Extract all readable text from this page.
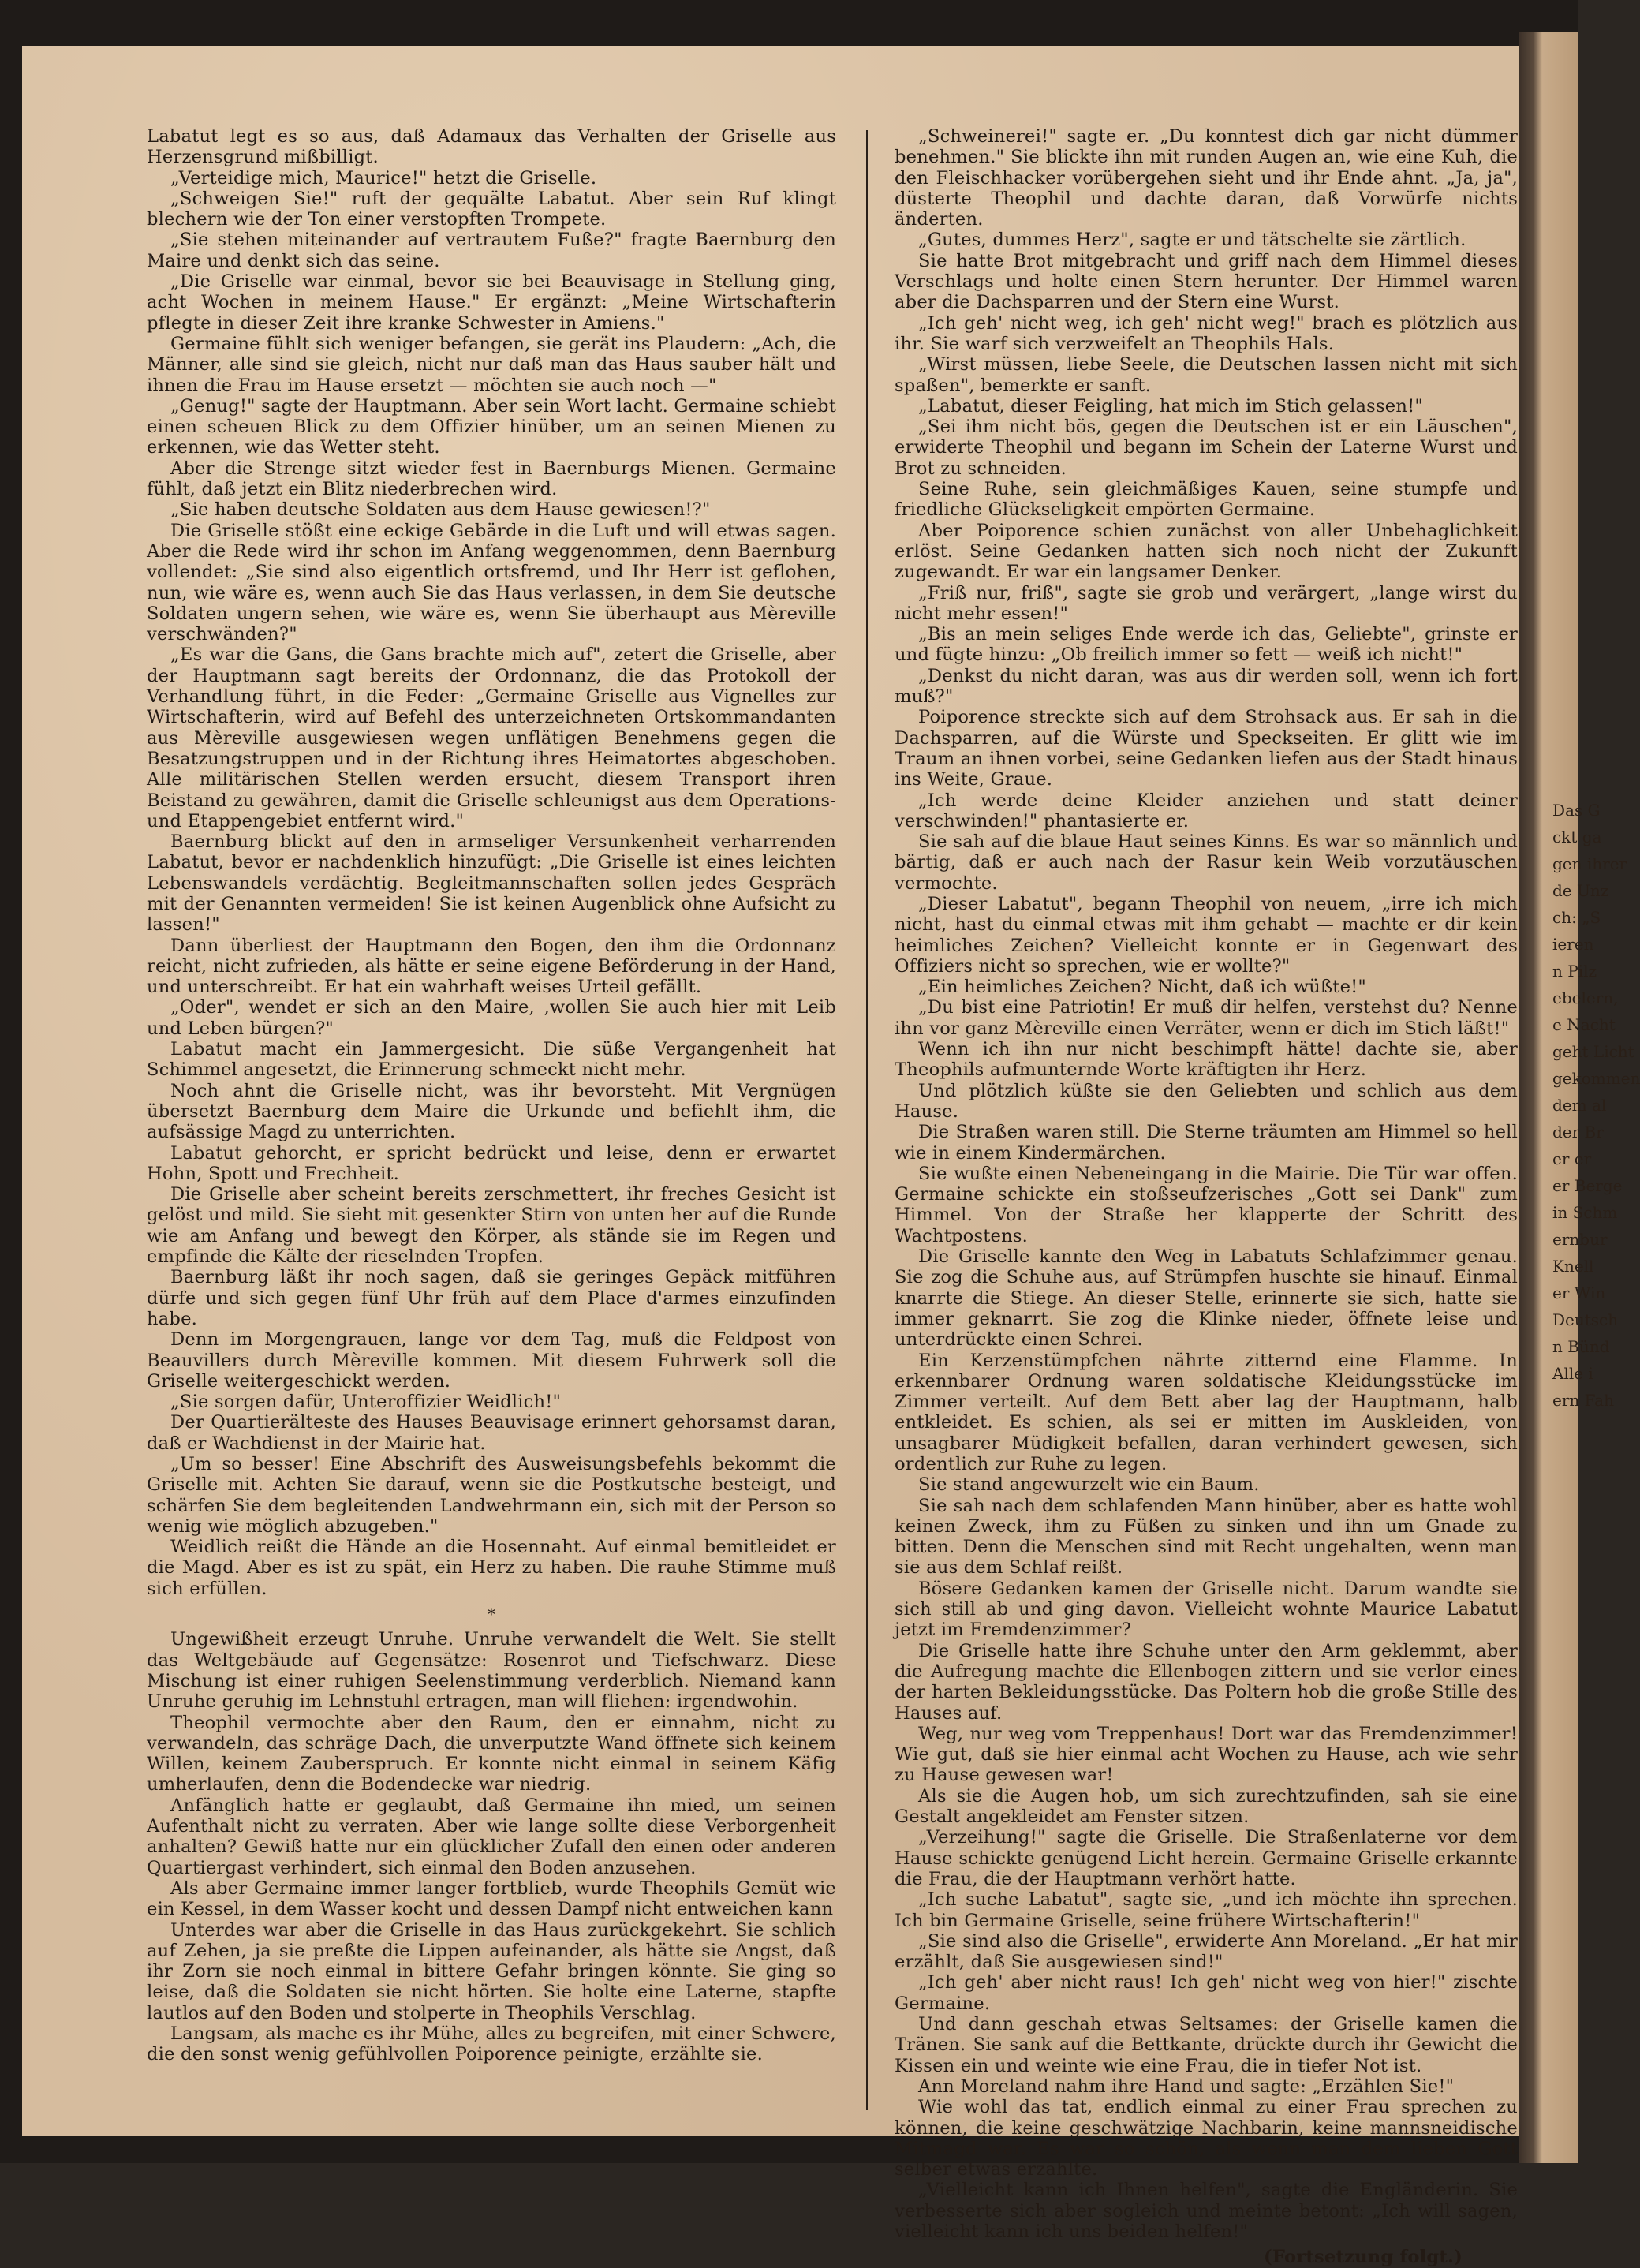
Das G
ckt ga
gen ihrer
de Unz
ch: „S
ieren
n Pilz
ebelern,
e Nacht
geht Licht
gekommen
dem al
der Br
er er
er Berge
in Schm
ernbur
Knell
er Win
Deutsch
n Bünd
Alle i
ern Fah

Labatut legt es so aus, daß Adamaux das Verhalten der Griselle aus Herzensgrund mißbilligt.

„Verteidige mich, Maurice!" hetzt die Griselle.

„Schweigen Sie!" ruft der gequälte Labatut. Aber sein Ruf klingt blechern wie der Ton einer verstopften Trompete.

„Sie stehen miteinander auf vertrautem Fuße?" fragte Baernburg den Maire und denkt sich das seine.

„Die Griselle war einmal, bevor sie bei Beauvisage in Stellung ging, acht Wochen in meinem Hause." Er ergänzt: „Meine Wirtschafterin pflegte in dieser Zeit ihre kranke Schwester in Amiens."

Germaine fühlt sich weniger befangen, sie gerät ins Plaudern: „Ach, die Männer, alle sind sie gleich, nicht nur daß man das Haus sauber hält und ihnen die Frau im Hause ersetzt — möchten sie auch noch —"

„Genug!" sagte der Hauptmann. Aber sein Wort lacht. Germaine schiebt einen scheuen Blick zu dem Offizier hinüber, um an seinen Mienen zu erkennen, wie das Wetter steht.

Aber die Strenge sitzt wieder fest in Baernburgs Mienen. Germaine fühlt, daß jetzt ein Blitz niederbrechen wird.

„Sie haben deutsche Soldaten aus dem Hause gewiesen!?"

Die Griselle stößt eine eckige Gebärde in die Luft und will etwas sagen. Aber die Rede wird ihr schon im Anfang weggenommen, denn Baernburg vollendet: „Sie sind also eigentlich ortsfremd, und Ihr Herr ist geflohen, nun, wie wäre es, wenn auch Sie das Haus verlassen, in dem Sie deutsche Soldaten ungern sehen, wie wäre es, wenn Sie überhaupt aus Mèreville verschwänden?"

„Es war die Gans, die Gans brachte mich auf", zetert die Griselle, aber der Hauptmann sagt bereits der Ordonnanz, die das Protokoll der Verhandlung führt, in die Feder: „Germaine Griselle aus Vignelles zur Wirtschafterin, wird auf Befehl des unterzeichneten Ortskommandanten aus Mèreville ausgewiesen wegen unflätigen Benehmens gegen die Besatzungstruppen und in der Richtung ihres Heimatortes abgeschoben. Alle militärischen Stellen werden ersucht, diesem Transport ihren Beistand zu gewähren, damit die Griselle schleunigst aus dem Operations- und Etappengebiet entfernt wird."

Baernburg blickt auf den in armseliger Versunkenheit verharrenden Labatut, bevor er nachdenklich hinzufügt: „Die Griselle ist eines leichten Lebenswandels verdächtig. Begleitmannschaften sollen jedes Gespräch mit der Genannten vermeiden! Sie ist keinen Augenblick ohne Aufsicht zu lassen!"

Dann überliest der Hauptmann den Bogen, den ihm die Ordonnanz reicht, nicht zufrieden, als hätte er seine eigene Beförderung in der Hand, und unterschreibt. Er hat ein wahrhaft weises Urteil gefällt.

„Oder", wendet er sich an den Maire, ‚wollen Sie auch hier mit Leib und Leben bürgen?"

Labatut macht ein Jammergesicht. Die süße Vergangenheit hat Schimmel angesetzt, die Erinnerung schmeckt nicht mehr.

Noch ahnt die Griselle nicht, was ihr bevorsteht. Mit Vergnügen übersetzt Baernburg dem Maire die Urkunde und befiehlt ihm, die aufsässige Magd zu unterrichten.

Labatut gehorcht, er spricht bedrückt und leise, denn er erwartet Hohn, Spott und Frechheit.

Die Griselle aber scheint bereits zerschmettert, ihr freches Gesicht ist gelöst und mild. Sie sieht mit gesenkter Stirn von unten her auf die Runde wie am Anfang und bewegt den Körper, als stände sie im Regen und empfinde die Kälte der rieselnden Tropfen.

Baernburg läßt ihr noch sagen, daß sie geringes Gepäck mitführen dürfe und sich gegen fünf Uhr früh auf dem Place d'armes einzufinden habe.

Denn im Morgengrauen, lange vor dem Tag, muß die Feldpost von Beauvillers durch Mèreville kommen. Mit diesem Fuhrwerk soll die Griselle weitergeschickt werden.

„Sie sorgen dafür, Unteroffizier Weidlich!"

Der Quartierälteste des Hauses Beauvisage erinnert gehorsamst daran, daß er Wachdienst in der Mairie hat.

„Um so besser! Eine Abschrift des Ausweisungsbefehls bekommt die Griselle mit. Achten Sie darauf, wenn sie die Postkutsche besteigt, und schärfen Sie dem begleitenden Landwehrmann ein, sich mit der Person so wenig wie möglich abzugeben."

Weidlich reißt die Hände an die Hosennaht. Auf einmal bemitleidet er die Magd. Aber es ist zu spät, ein Herz zu haben. Die rauhe Stimme muß sich erfüllen.

*

Ungewißheit erzeugt Unruhe. Unruhe verwandelt die Welt. Sie stellt das Weltgebäude auf Gegensätze: Rosenrot und Tiefschwarz. Diese Mischung ist einer ruhigen Seelenstimmung verderblich. Niemand kann Unruhe geruhig im Lehnstuhl ertragen, man will fliehen: irgendwohin.

Theophil vermochte aber den Raum, den er einnahm, nicht zu verwandeln, das schräge Dach, die unverputzte Wand öffnete sich keinem Willen, keinem Zauberspruch. Er konnte nicht einmal in seinem Käfig umherlaufen, denn die Bodendecke war niedrig.

Anfänglich hatte er geglaubt, daß Germaine ihn mied, um seinen Aufenthalt nicht zu verraten. Aber wie lange sollte diese Verborgenheit anhalten? Gewiß hatte nur ein glücklicher Zufall den einen oder anderen Quartiergast verhindert, sich einmal den Boden anzusehen.

Als aber Germaine immer langer fortblieb, wurde Theophils Gemüt wie ein Kessel, in dem Wasser kocht und dessen Dampf nicht entweichen kann

Unterdes war aber die Griselle in das Haus zurückgekehrt. Sie schlich auf Zehen, ja sie preßte die Lippen aufeinander, als hätte sie Angst, daß ihr Zorn sie noch einmal in bittere Gefahr bringen könnte. Sie ging so leise, daß die Soldaten sie nicht hörten. Sie holte eine Laterne, stapfte lautlos auf den Boden und stolperte in Theophils Verschlag.

Langsam, als mache es ihr Mühe, alles zu begreifen, mit einer Schwere, die den sonst wenig gefühlvollen Poiporence peinigte, erzählte sie.

„Schweinerei!" sagte er. „Du konntest dich gar nicht dümmer benehmen." Sie blickte ihn mit runden Augen an, wie eine Kuh, die den Fleischhacker vorübergehen sieht und ihr Ende ahnt. „Ja, ja", düsterte Theophil und dachte daran, daß Vorwürfe nichts änderten.

„Gutes, dummes Herz", sagte er und tätschelte sie zärtlich.

Sie hatte Brot mitgebracht und griff nach dem Himmel dieses Verschlags und holte einen Stern herunter. Der Himmel waren aber die Dachsparren und der Stern eine Wurst.

„Ich geh' nicht weg, ich geh' nicht weg!" brach es plötzlich aus ihr. Sie warf sich verzweifelt an Theophils Hals.

„Wirst müssen, liebe Seele, die Deutschen lassen nicht mit sich spaßen", bemerkte er sanft.

„Labatut, dieser Feigling, hat mich im Stich gelassen!"

„Sei ihm nicht bös, gegen die Deutschen ist er ein Läuschen", erwiderte Theophil und begann im Schein der Laterne Wurst und Brot zu schneiden.

Seine Ruhe, sein gleichmäßiges Kauen, seine stumpfe und friedliche Glückseligkeit empörten Germaine.

Aber Poiporence schien zunächst von aller Unbehaglichkeit erlöst. Seine Gedanken hatten sich noch nicht der Zukunft zugewandt. Er war ein langsamer Denker.

„Friß nur, friß", sagte sie grob und verärgert, „lange wirst du nicht mehr essen!"

„Bis an mein seliges Ende werde ich das, Geliebte", grinste er und fügte hinzu: „Ob freilich immer so fett — weiß ich nicht!"

„Denkst du nicht daran, was aus dir werden soll, wenn ich fort muß?"

Poiporence streckte sich auf dem Strohsack aus. Er sah in die Dachsparren, auf die Würste und Speckseiten. Er glitt wie im Traum an ihnen vorbei, seine Gedanken liefen aus der Stadt hinaus ins Weite, Graue.

„Ich werde deine Kleider anziehen und statt deiner verschwinden!" phantasierte er.

Sie sah auf die blaue Haut seines Kinns. Es war so männlich und bärtig, daß er auch nach der Rasur kein Weib vorzutäuschen vermochte.

„Dieser Labatut", begann Theophil von neuem, „irre ich mich nicht, hast du einmal etwas mit ihm gehabt — machte er dir kein heimliches Zeichen? Vielleicht konnte er in Gegenwart des Offiziers nicht so sprechen, wie er wollte?"

„Ein heimliches Zeichen? Nicht, daß ich wüßte!"

„Du bist eine Patriotin! Er muß dir helfen, verstehst du? Nenne ihn vor ganz Mèreville einen Verräter, wenn er dich im Stich läßt!"

Wenn ich ihn nur nicht beschimpft hätte! dachte sie, aber Theophils aufmunternde Worte kräftigten ihr Herz.

Und plötzlich küßte sie den Geliebten und schlich aus dem Hause.

Die Straßen waren still. Die Sterne träumten am Himmel so hell wie in einem Kindermärchen.

Sie wußte einen Nebeneingang in die Mairie. Die Tür war offen. Germaine schickte ein stoßseufzerisches „Gott sei Dank" zum Himmel. Von der Straße her klapperte der Schritt des Wachtpostens.

Die Griselle kannte den Weg in Labatuts Schlafzimmer genau. Sie zog die Schuhe aus, auf Strümpfen huschte sie hinauf. Einmal knarrte die Stiege. An dieser Stelle, erinnerte sie sich, hatte sie immer geknarrt. Sie zog die Klinke nieder, öffnete leise und unterdrückte einen Schrei.

Ein Kerzenstümpfchen nährte zitternd eine Flamme. In erkennbarer Ordnung waren soldatische Kleidungsstücke im Zimmer verteilt. Auf dem Bett aber lag der Hauptmann, halb entkleidet. Es schien, als sei er mitten im Auskleiden, von unsagbarer Müdigkeit befallen, daran verhindert gewesen, sich ordentlich zur Ruhe zu legen.

Sie stand angewurzelt wie ein Baum.

Sie sah nach dem schlafenden Mann hinüber, aber es hatte wohl keinen Zweck, ihm zu Füßen zu sinken und ihn um Gnade zu bitten. Denn die Menschen sind mit Recht ungehalten, wenn man sie aus dem Schlaf reißt.

Bösere Gedanken kamen der Griselle nicht. Darum wandte sie sich still ab und ging davon. Vielleicht wohnte Maurice Labatut jetzt im Fremdenzimmer?

Die Griselle hatte ihre Schuhe unter den Arm geklemmt, aber die Aufregung machte die Ellenbogen zittern und sie verlor eines der harten Bekleidungsstücke. Das Poltern hob die große Stille des Hauses auf.

Weg, nur weg vom Treppenhaus! Dort war das Fremdenzimmer! Wie gut, daß sie hier einmal acht Wochen zu Hause, ach wie sehr zu Hause gewesen war!

Als sie die Augen hob, um sich zurechtzufinden, sah sie eine Gestalt angekleidet am Fenster sitzen.

„Verzeihung!" sagte die Griselle. Die Straßenlaterne vor dem Hause schickte genügend Licht herein. Germaine Griselle erkannte die Frau, die der Hauptmann verhört hatte.

„Ich suche Labatut", sagte sie, „und ich möchte ihn sprechen. Ich bin Germaine Griselle, seine frühere Wirtschafterin!"

„Sie sind also die Griselle", erwiderte Ann Moreland. „Er hat mir erzählt, daß Sie ausgewiesen sind!"

„Ich geh' aber nicht raus! Ich geh' nicht weg von hier!" zischte Germaine.

Und dann geschah etwas Seltsames: der Griselle kamen die Tränen. Sie sank auf die Bettkante, drückte durch ihr Gewicht die Kissen ein und weinte wie eine Frau, die in tiefer Not ist.

Ann Moreland nahm ihre Hand und sagte: „Erzählen Sie!"

Wie wohl das tat, endlich einmal zu einer Frau sprechen zu können, die keine geschwätzige Nachbarin, keine mannsneidische Mitmagd war. Es war so schön, als wenn man dem lieben Gott selber etwas erzählte.

„Vielleicht kann ich Ihnen helfen", sagte die Engländerin. Sie verbesserte sich aber sogleich und meinte betont: „Ich will sagen, vielleicht kann ich uns beiden helfen!"

(Fortsetzung folgt.)
